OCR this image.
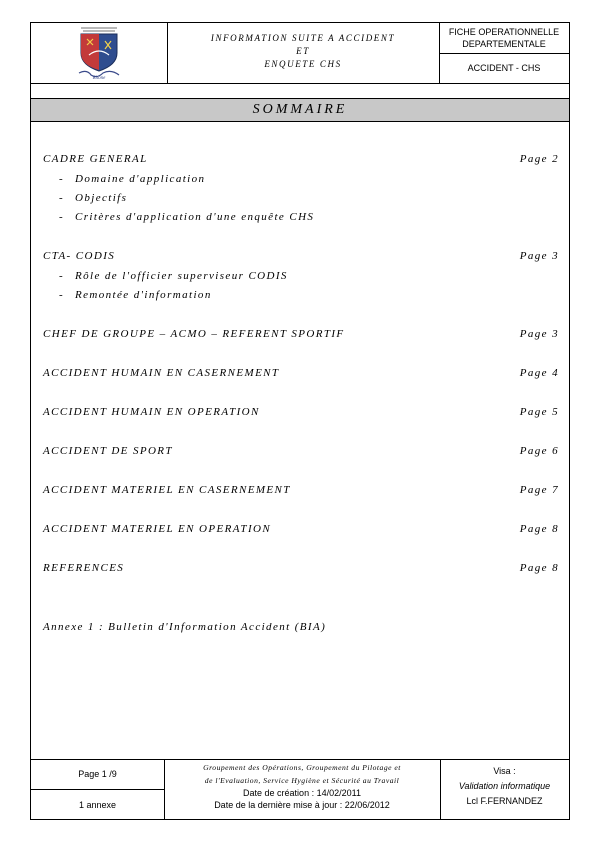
Rhône
INFORMATION SUITE A ACCIDENT
ET
ENQUETE CHS
FICHE OPERATIONNELLE
DEPARTEMENTALE
ACCIDENT - CHS
SOMMAIRE
CADRE GENERAL	Page 2
- Domaine d'application
- Objectifs
- Critères d'application d'une enquête CHS
CTA- CODIS	Page 3
- Rôle de l'officier superviseur CODIS
- Remontée d'information
CHEF DE GROUPE – ACMO – REFERENT SPORTIF	Page 3
ACCIDENT HUMAIN EN CASERNEMENT	Page 4
ACCIDENT HUMAIN EN OPERATION	Page 5
ACCIDENT DE SPORT	Page 6
ACCIDENT MATERIEL EN CASERNEMENT	Page 7
ACCIDENT MATERIEL EN OPERATION	Page 8
REFERENCES	Page 8
Annexe 1 : Bulletin d'Information Accident (BIA)
Page 1 /9
1 annexe
Groupement des Opérations, Groupement du Pilotage et
de l'Evaluation, Service Hygiène et Sécurité au Travail
Date de création : 14/02/2011
Date de la dernière mise à jour : 22/06/2012
Visa :
Validation informatique
Lcl F.FERNANDEZ
